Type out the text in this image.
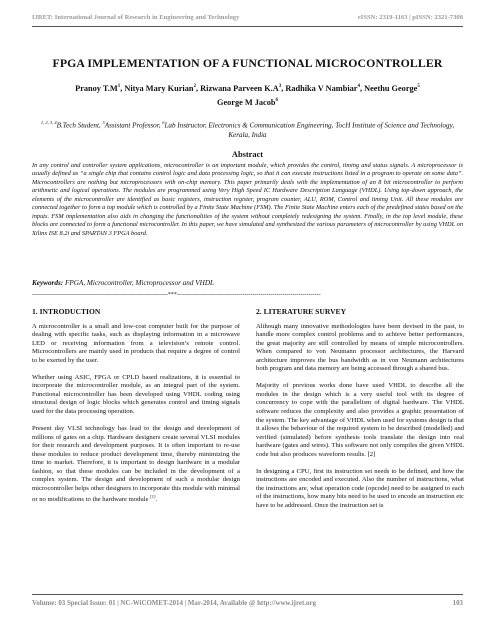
IJRET: International Journal of Research in Engineering and Technology	eISSN: 2319-1163 | pISSN: 2321-7308
FPGA IMPLEMENTATION OF A FUNCTIONAL MICROCONTROLLER
Pranoy $T.M^1$, Nitya Mary Kurian$^2$, Rizwana Parveen $K.A^3$, Radhika V Nambiar$^4$, Neethu George$^5$
George M Jacob$^6$
$^{1, 2, 3, 4}$B.Tech Student, $^5$Assistant Professor, $^6$Lab Instructor, Electronics & Communication Engineering, TocH Institute of Science and Technology, Kerala, India
Abstract
In any control and controller system applications, microcontroller is an important module, which provides the control, timing and status signals. A microprocessor is usually defined as “a single chip that contains control logic and data processing logic, so that it can execute instructions listed in a program to operate on some data”. Microcontrollers are nothing but microprocessors with on-chip memory. This paper primarily deals with the implementation of an 8 bit microcontroller to perform arithmetic and logical operations. The modules are programmed using Very High Speed IC Hardware Description Language (VHDL). Using top-down approach, the elements of the microcontroller are identified as basic registers, instruction register, program counter, ALU, ROM, Control and timing Unit. All these modules are connected together to form a top module which is controlled by a Finite State Machine (FSM). The Finite State Machine enters each of the predefined states based on the inputs. FSM implementation also aids in changing the functionalities of the system without completely redesigning the system. Finally, in the top level module, these blocks are connected to form a functional microcontroller. In this paper, we have simulated and synthesized the various parameters of microcontroller by using VHDL on Xilinx ISE 8.2i and SPARTAN 3 FPGA board.
Keywords: FPGA, Microcontroller, Microprocessor and VHDL
--------------------------------------------------------------------***------------------------------------------------------------------------
1. INTRODUCTION

A microcontroller is a small and low-cost computer built for the purpose of dealing with specific tasks, such as displaying information in a microwave LED or receiving information from a television’s remote control. Microcontrollers are mainly used in products that require a degree of control to be exerted by the user.

Whether using ASIC, FPGA or CPLD based realizations, it is essential to incorporate the microcontroller module, as an integral part of the system. Functional microcontroller has been developed using VHDL coding using structural design of logic blocks which generates control and timing signals used for the data processing operation.

Present day VLSI technology has lead to the design and development of millions of gates on a chip. Hardware designers create several VLSI modules for their research and development purposes. It is often important to re-use these modules to reduce product development time, thereby minimizing the time to market. Therefore, it is important to design hardware in a modular fashion, so that these modules can be included in the development of a complex system. The design and development of such a modular design microcontroller helps other designers to incorporate this module with minimal or no modifications to the hardware module [1].

2. LITERATURE SURVEY

Although many innovative methodologies have been devised in the past, to handle more complex control problems and to achieve better performances, the great majority are still controlled by means of simple microcontrollers. When compared to von Neumann processor architectures, the Harvard architecture improves the bus bandwidth as in von Neumann architectures both program and data memory are being accessed through a shared bus.

Majority of previous works done have used VHDL to describe all the modules in the design which is a very useful tool with its degree of concurrency to cope with the parallelism of digital hardware. The VHDL software reduces the complexity and also provides a graphic presentation of the system. The key advantage of VHDL when used for systems design is that it allows the behaviour of the required system to be described (modelled) and verified (simulated) before synthesis tools translate the design into real hardware (gates and wires). This software not only compiles the given VHDL code but also produces waveform results. [2]

In designing a CPU, first its instruction set needs to be defined, and how the instructions are encoded and executed. Also the number of instructions, what the instructions are, what operation code (opcode) need to be assigned to each of the instructions, how many bits need to be used to encode an instruction etc have to be addressed. Once the instruction set is

Volume: 03 Special Issue: 01 | NC-WiCOMET-2014 | Mar-2014, Available @ http://www.ijret.org	103
